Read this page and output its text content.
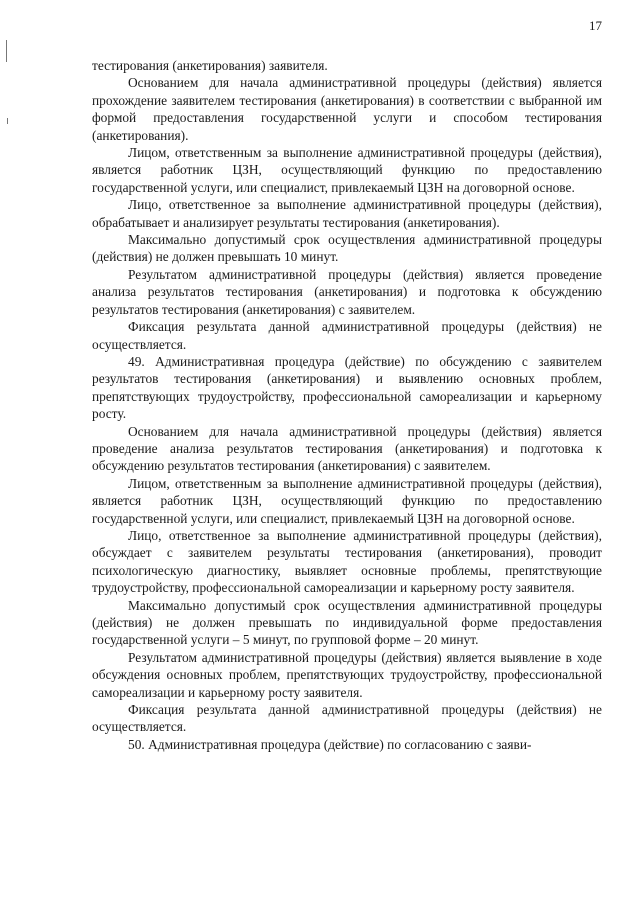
17

тестирования (анкетирования) заявителя.

Основанием для начала административной процедуры (действия) является прохождение заявителем тестирования (анкетирования) в соответствии с выбранной им формой предоставления государственной услуги и способом тестирования (анкетирования).

Лицом, ответственным за выполнение административной процедуры (действия), является работник ЦЗН, осуществляющий функцию по предоставлению государственной услуги, или специалист, привлекаемый ЦЗН на договорной основе.

Лицо, ответственное за выполнение административной процедуры (действия), обрабатывает и анализирует результаты тестирования (анкетирования).

Максимально допустимый срок осуществления административной процедуры (действия) не должен превышать 10 минут.

Результатом административной процедуры (действия) является проведение анализа результатов тестирования (анкетирования) и подготовка к обсуждению результатов тестирования (анкетирования) с заявителем.

Фиксация результата данной административной процедуры (действия) не осуществляется.

49. Административная процедура (действие) по обсуждению с заявителем результатов тестирования (анкетирования) и выявлению основных проблем, препятствующих трудоустройству, профессиональной самореализации и карьерному росту.

Основанием для начала административной процедуры (действия) является проведение анализа результатов тестирования (анкетирования) и подготовка к обсуждению результатов тестирования (анкетирования) с заявителем.

Лицом, ответственным за выполнение административной процедуры (действия), является работник ЦЗН, осуществляющий функцию по предоставлению государственной услуги, или специалист, привлекаемый ЦЗН на договорной основе.

Лицо, ответственное за выполнение административной процедуры (действия), обсуждает с заявителем результаты тестирования (анкетирования), проводит психологическую диагностику, выявляет основные проблемы, препятствующие трудоустройству, профессиональной самореализации и карьерному росту заявителя.

Максимально допустимый срок осуществления административной процедуры (действия) не должен превышать по индивидуальной форме предоставления государственной услуги – 5 минут, по групповой форме – 20 минут.

Результатом административной процедуры (действия) является выявление в ходе обсуждения основных проблем, препятствующих трудоустройству, профессиональной самореализации и карьерному росту заявителя.

Фиксация результата данной административной процедуры (действия) не осуществляется.

50. Административная процедура (действие) по согласованию с заяви-
